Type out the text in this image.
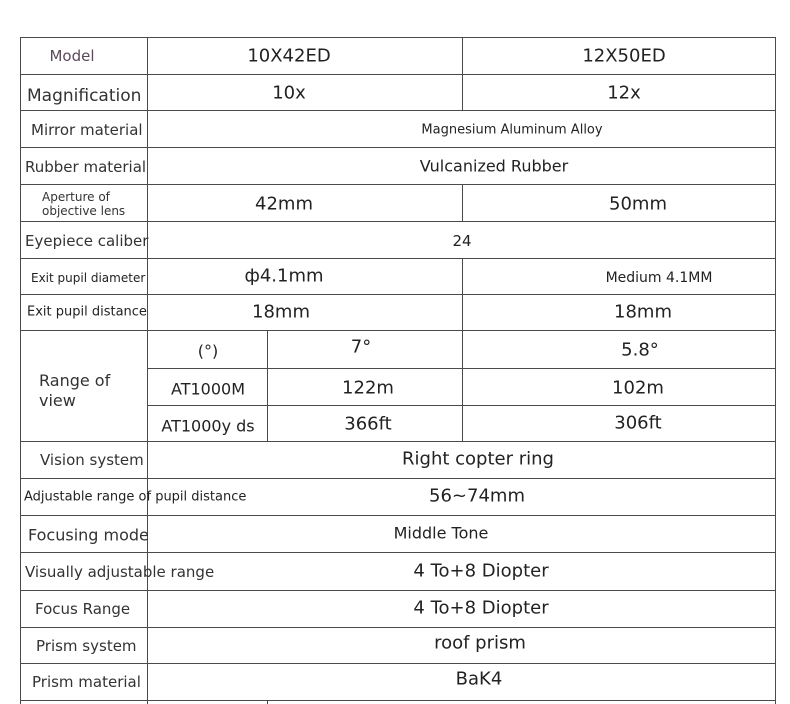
Model	10X42ED	12X50ED
Magnification	10x	12x
Mirror material	Magnesium Aluminum Alloy
Rubber material	Vulcanized Rubber
Aperture of
objective lens	42mm	50mm
Eyepiece caliber	24
Exit pupil diameter	ф4.1mm	Medium 4.1MM
Exit pupil distance	18mm	18mm
Range of
view
(°)	7°	5.8°
AT1000M	122m	102m
AT1000y ds	366ft	306ft
Vision system	Right copter ring
Adjustable range of pupil distance	56~74mm
Focusing mode	Middle Tone
Visually adjustable range	4 To+8 Diopter
Focus Range	4 To+8 Diopter
Prism system	roof prism
Prism material	BaK4
